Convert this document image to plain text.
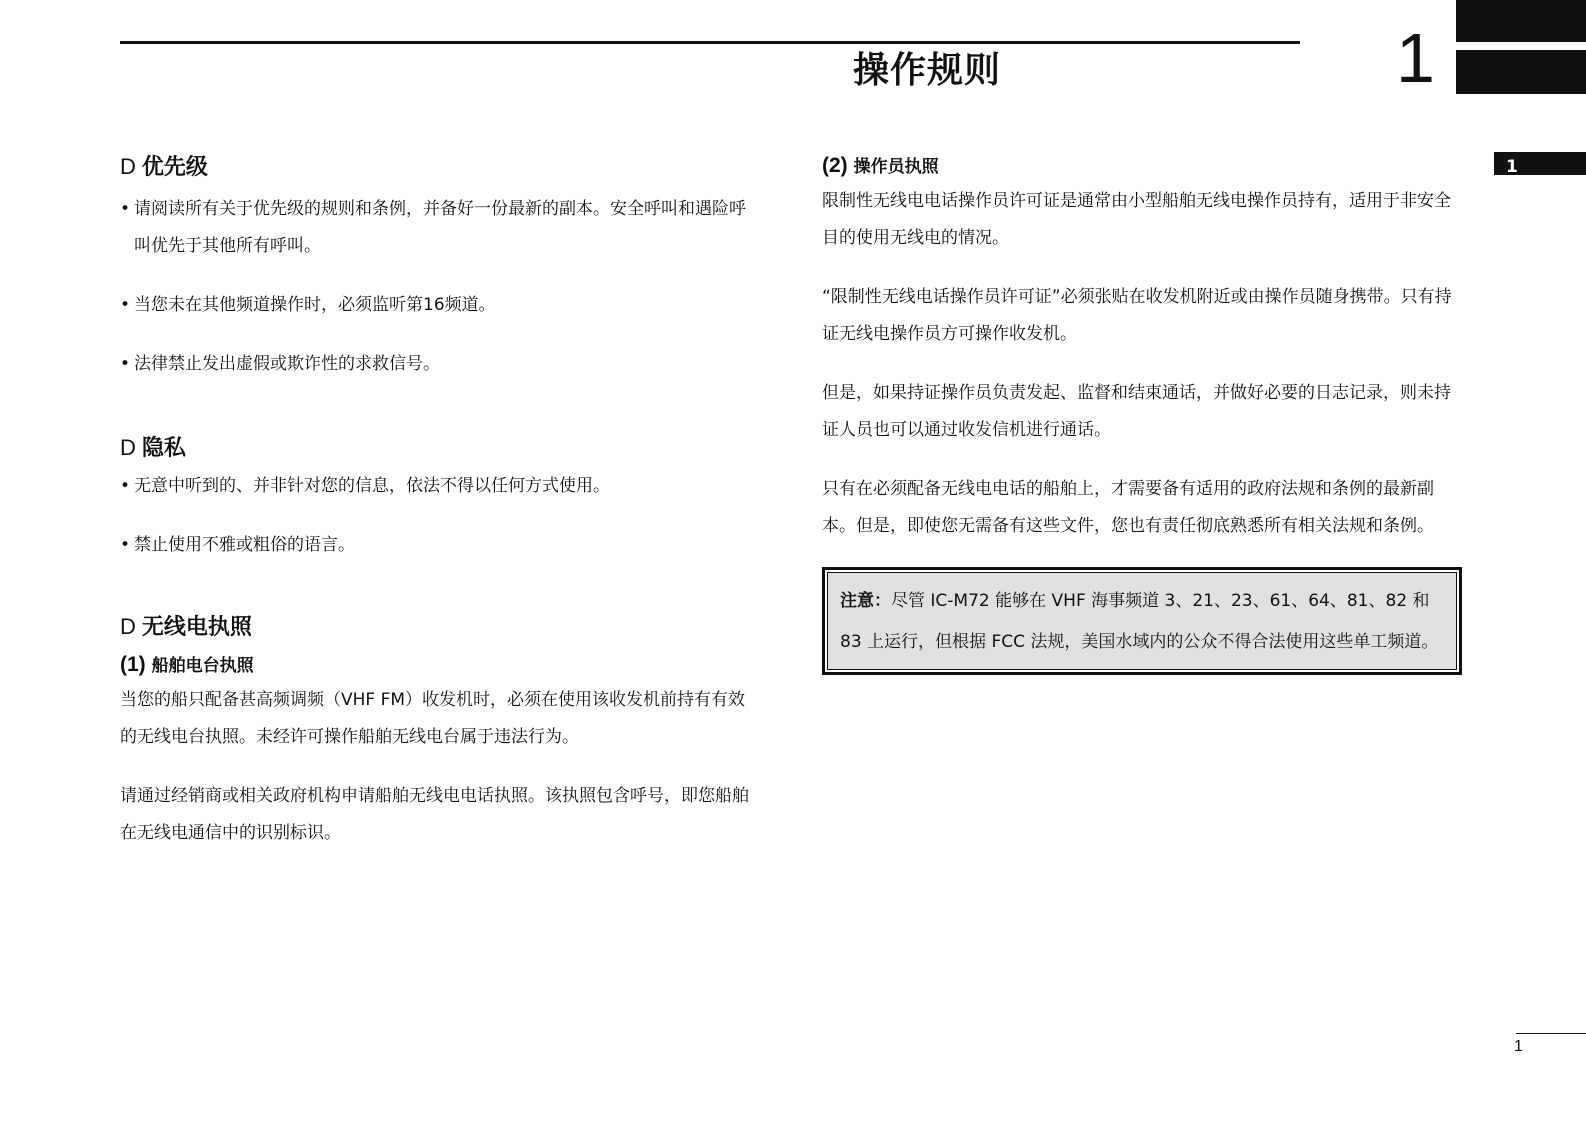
操作规则	1
1
D 优先级

• 请阅读所有关于优先级的规则和条例，并备好一份最新的副本。安全呼叫和遇险呼叫优先于其他所有呼叫。

• 当您未在其他频道操作时，必须监听第16频道。

• 法律禁止发出虚假或欺诈性的求救信号。

D 隐私

• 无意中听到的、并非针对您的信息，依法不得以任何方式使用。

• 禁止使用不雅或粗俗的语言。

D 无线电执照
(1) 船舶电台执照

当您的船只配备甚高频调频（VHF FM）收发机时，必须在使用该收发机前持有有效的无线电台执照。未经许可操作船舶无线电台属于违法行为。

请通过经销商或相关政府机构申请船舶无线电电话执照。该执照包含呼号，即您船舶在无线电通信中的识别标识。

(2) 操作员执照

限制性无线电电话操作员许可证是通常由小型船舶无线电操作员持有，适用于非安全目的使用无线电的情况。

“限制性无线电话操作员许可证”必须张贴在收发机附近或由操作员随身携带。只有持证无线电操作员方可操作收发机。

但是，如果持证操作员负责发起、监督和结束通话，并做好必要的日志记录，则未持证人员也可以通过收发信机进行通话。

只有在必须配备无线电电话的船舶上，才需要备有适用的政府法规和条例的最新副本。但是，即使您无需备有这些文件，您也有责任彻底熟悉所有相关法规和条例。

注意：尽管 IC-M72 能够在 VHF 海事频道 3、21、23、61、64、81、82 和 83 上运行，但根据 FCC 法规，美国水域内的公众不得合法使用这些单工频道。
1
